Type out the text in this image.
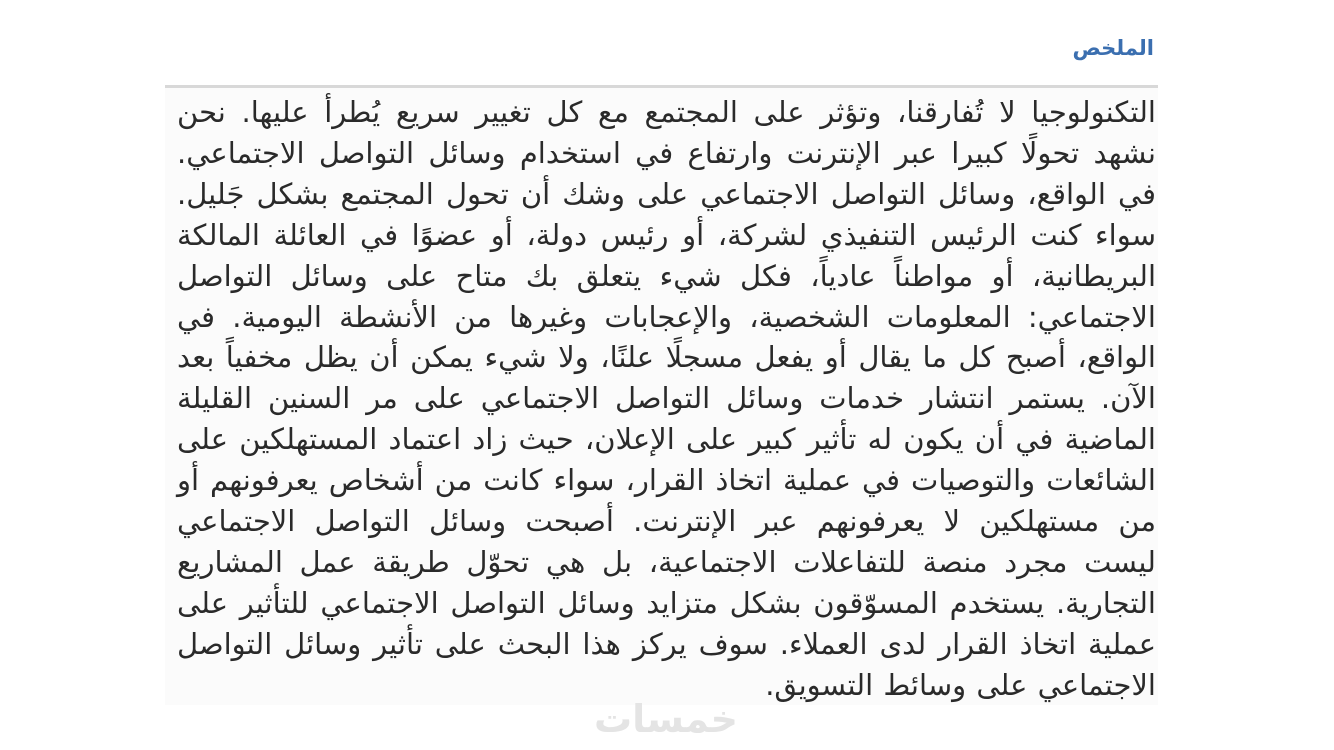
الملخص

التكنولوجيا لا تُفارقنا، وتؤثر على المجتمع مع كل تغيير سريع يُطرأ عليها. نحن نشهد تحولًا كبيرا عبر الإنترنت وارتفاع في استخدام وسائل التواصل الاجتماعي. في الواقع، وسائل التواصل الاجتماعي على وشك أن تحول المجتمع بشكل جَليل. سواء كنت الرئيس التنفيذي لشركة، أو رئيس دولة، أو عضوًا في العائلة المالكة البريطانية، أو مواطناً عادياً، فكل شيء يتعلق بك متاح على وسائل التواصل الاجتماعي: المعلومات الشخصية، والإعجابات وغيرها من الأنشطة اليومية. في الواقع، أصبح كل ما يقال أو يفعل مسجلًا علنًا، ولا شيء يمكن أن يظل مخفياً بعد الآن. يستمر انتشار خدمات وسائل التواصل الاجتماعي على مر السنين القليلة الماضية في أن يكون له تأثير كبير على الإعلان، حيث زاد اعتماد المستهلكين على الشائعات والتوصيات في عملية اتخاذ القرار، سواء كانت من أشخاص يعرفونهم أو من مستهلكين لا يعرفونهم عبر الإنترنت. أصبحت وسائل التواصل الاجتماعي ليست مجرد منصة للتفاعلات الاجتماعية، بل هي تحوّل طريقة عمل المشاريع التجارية. يستخدم المسوّقون بشكل متزايد وسائل التواصل الاجتماعي للتأثير على عملية اتخاذ القرار لدى العملاء. سوف يركز هذا البحث على تأثير وسائل التواصل الاجتماعي على وسائط التسويق.

خمسات
